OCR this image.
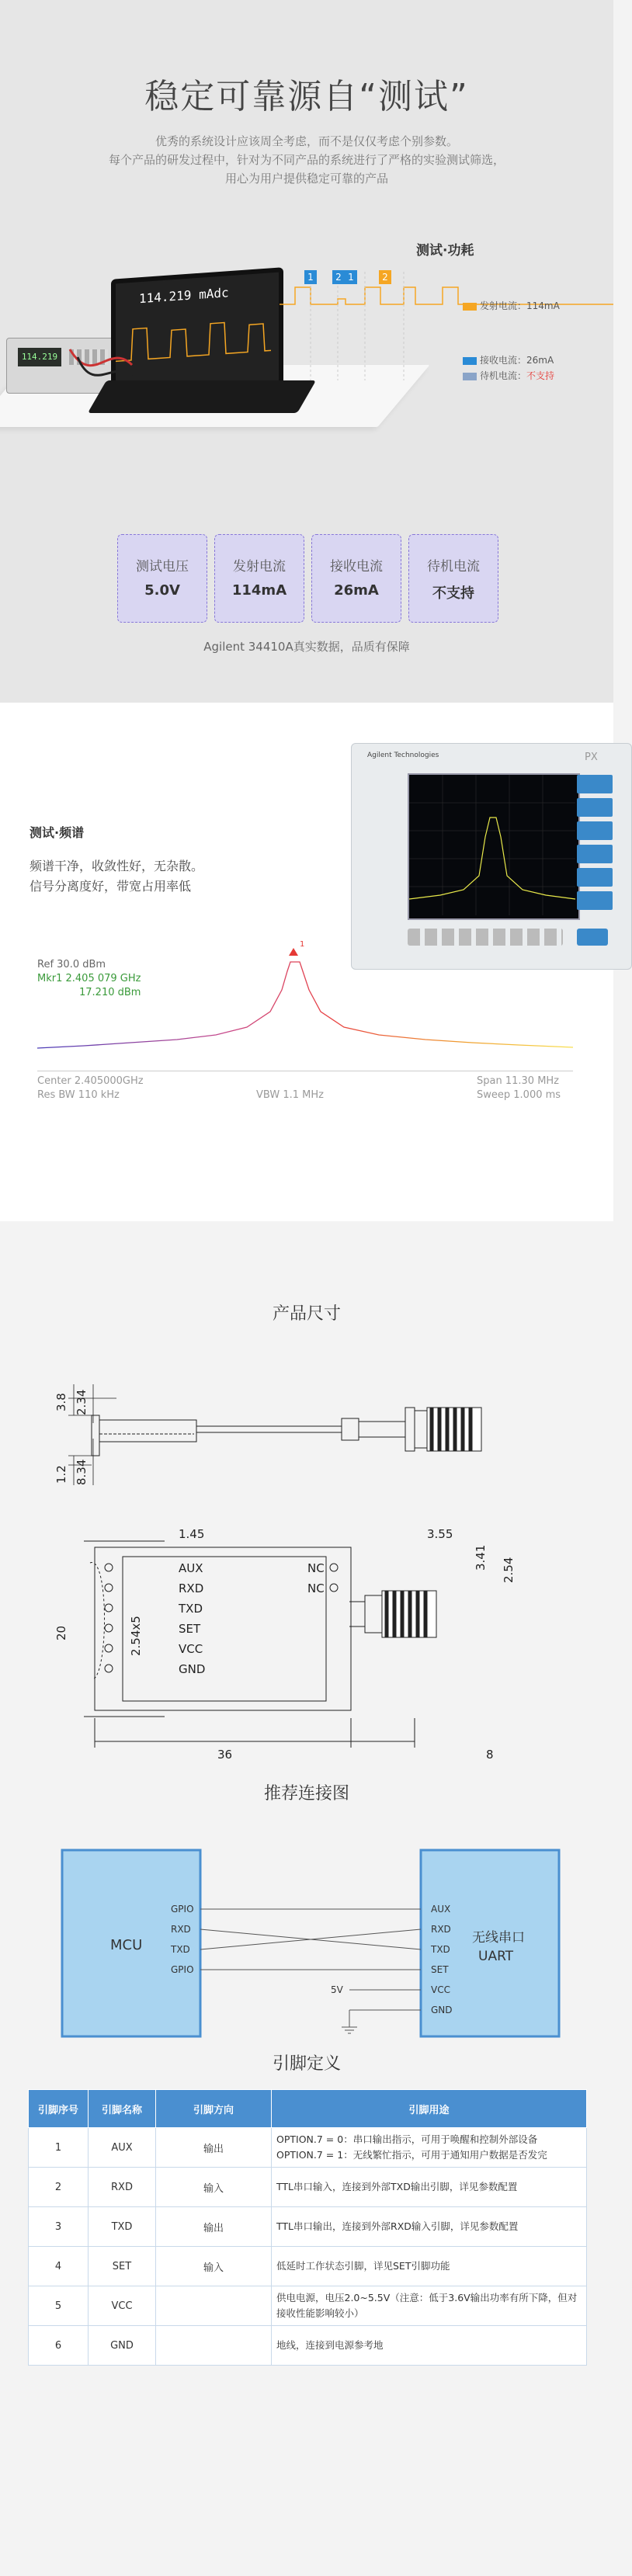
稳定可靠源自“测试”
优秀的系统设计应该周全考虑，而不是仅仅考虑个别参数。
每个产品的研发过程中，针对为不同产品的系统进行了严格的实验测试筛选，
用心为用户提供稳定可靠的产品
114.219
114.219 mAdc
测试·功耗
1	2 1	2
发射电流：114mA
接收电流：26mA
待机电流：不支持
测试电压
5.0V
发射电流
114mA
接收电流
26mA
待机电流
不支持
Agilent 34410A真实数据，品质有保障
Agilent Technologies	PX
测试·频谱
频谱干净，收敛性好，无杂散。
信号分离度好，带宽占用率低
Ref 30.0 dBm
Mkr1 2.405 079 GHz
17.210 dBm
1
Center 2.405000GHz
Res BW 110 kHz	VBW 1.1 MHz
Span 11.30 MHz
Sweep 1.000 ms
产品尺寸
3.8 2.34
1.2 8.34
AUX
RXD
TXD
SET
VCC
GND
NC
NC
1.45	3.55
3.41 2.54
20	2.54x5
36	8
推荐连接图
MCU	无线串口
UART
GPIO
RXD
TXD
GPIO
AUX
RXD
TXD
SET
VCC
GND
5V
引脚定义
引脚序号	引脚名称	引脚方向	引脚用途
1	AUX	输出	OPTION.7 = 0：串口输出指示，可用于唤醒和控制外部设备
OPTION.7 = 1：无线繁忙指示，可用于通知用户数据是否发完
2	RXD	输入	TTL串口输入，连接到外部TXD输出引脚，详见参数配置
3	TXD	输出	TTL串口输出，连接到外部RXD输入引脚，详见参数配置
4	SET	输入	低延时工作状态引脚，详见SET引脚功能
5	VCC		供电电源，电压2.0~5.5V（注意：低于3.6V输出功率有所下降，但对接收性能影响较小）
6	GND		地线，连接到电源参考地
